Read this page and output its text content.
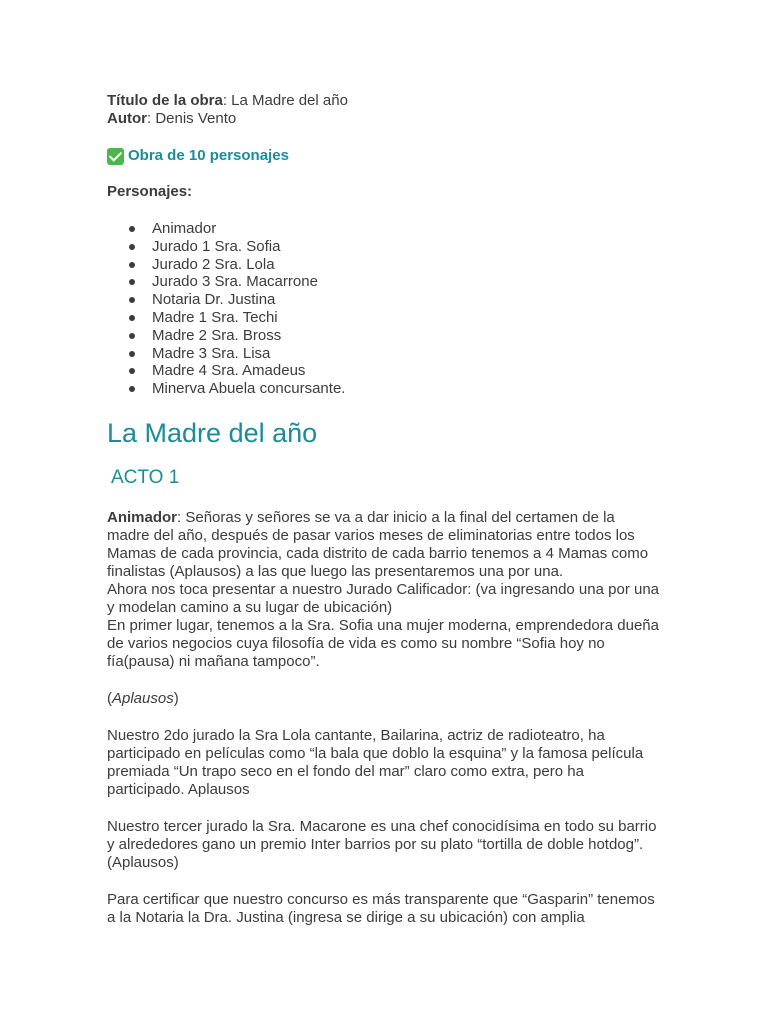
Título de la obra: La Madre del año

Autor: Denis Vento

Obra de 10 personajes
Personajes:
Animador
Jurado 1 Sra. Sofia
Jurado 2 Sra. Lola
Jurado 3 Sra. Macarrone
Notaria Dr. Justina
Madre 1 Sra. Techi
Madre 2 Sra. Bross
Madre 3 Sra. Lisa
Madre 4 Sra. Amadeus
Minerva Abuela concursante.
La Madre del año
ACTO 1

Animador: Señoras y señores se va a dar inicio a la final del certamen de la
madre del año, después de pasar varios meses de eliminatorias entre todos los
Mamas de cada provincia, cada distrito de cada barrio tenemos a 4 Mamas como
finalistas (Aplausos) a las que luego las presentaremos una por una.
Ahora nos toca presentar a nuestro Jurado Calificador: (va ingresando una por una
y modelan camino a su lugar de ubicación)
En primer lugar, tenemos a la Sra. Sofia una mujer moderna, emprendedora dueña
de varios negocios cuya filosofía de vida es como su nombre “Sofia hoy no
fía(pausa) ni mañana tampoco”.

(Aplausos)

Nuestro 2do jurado la Sra Lola cantante, Bailarina, actriz de radioteatro, ha
participado en películas como “la bala que doblo la esquina” y la famosa película
premiada “Un trapo seco en el fondo del mar” claro como extra, pero ha
participado. Aplausos

Nuestro tercer jurado la Sra. Macarone es una chef conocidísima en todo su barrio
y alrededores gano un premio Inter barrios por su plato “tortilla de doble hotdog”.
(Aplausos)

Para certificar que nuestro concurso es más transparente que “Gasparin” tenemos
a la Notaria la Dra. Justina (ingresa se dirige a su ubicación) con amplia
